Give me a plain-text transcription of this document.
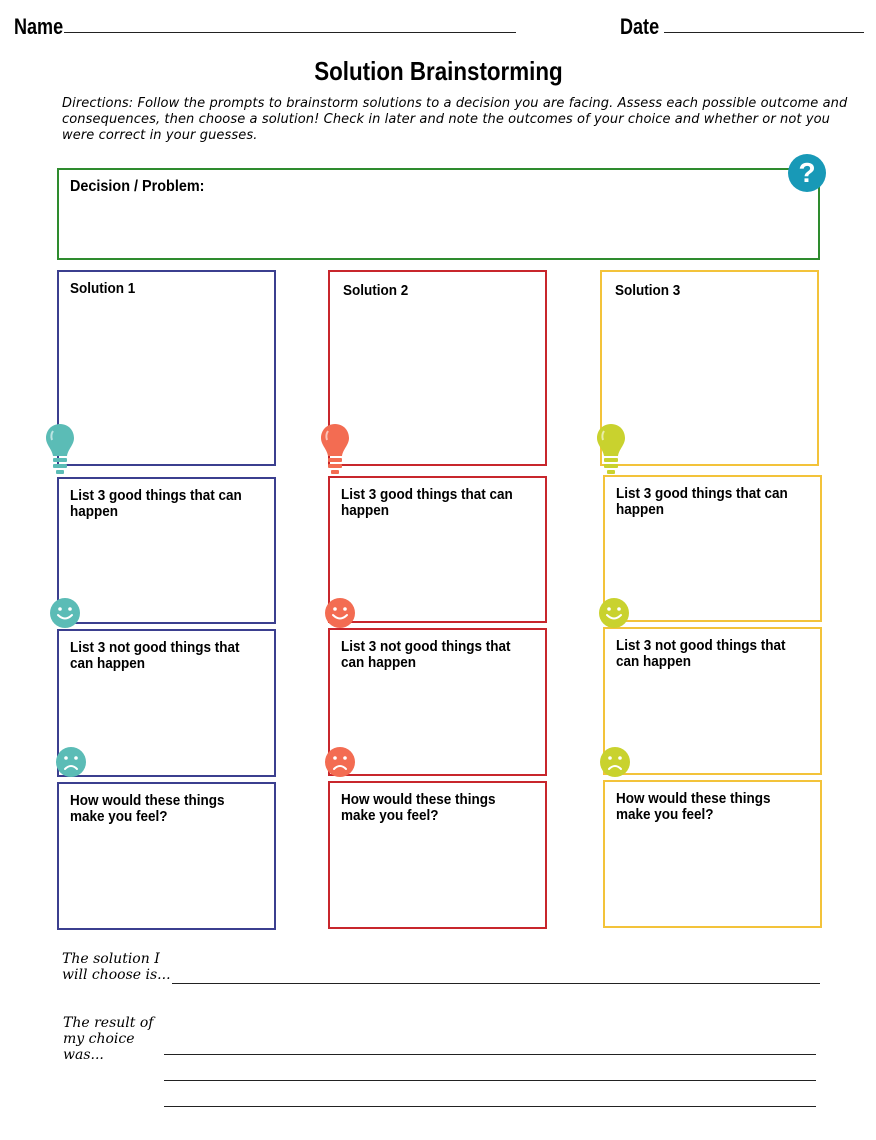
Name	Date
Solution Brainstorming
Directions: Follow the prompts to brainstorm solutions to a decision you are facing. Assess each possible outcome and consequences, then choose a solution! Check in later and note the outcomes of your choice and whether or not you were correct in your guesses.
Decision / Problem:	?
Solution 1
List 3 good things that can happen
List 3 not good things that can happen
How would these things make you feel?
Solution 2
List 3 good things that can happen
List 3 not good things that can happen
How would these things make you feel?
Solution 3
List 3 good things that can happen
List 3 not good things that can happen
How would these things make you feel?
The solution I will choose is...
The result of my choice was...
